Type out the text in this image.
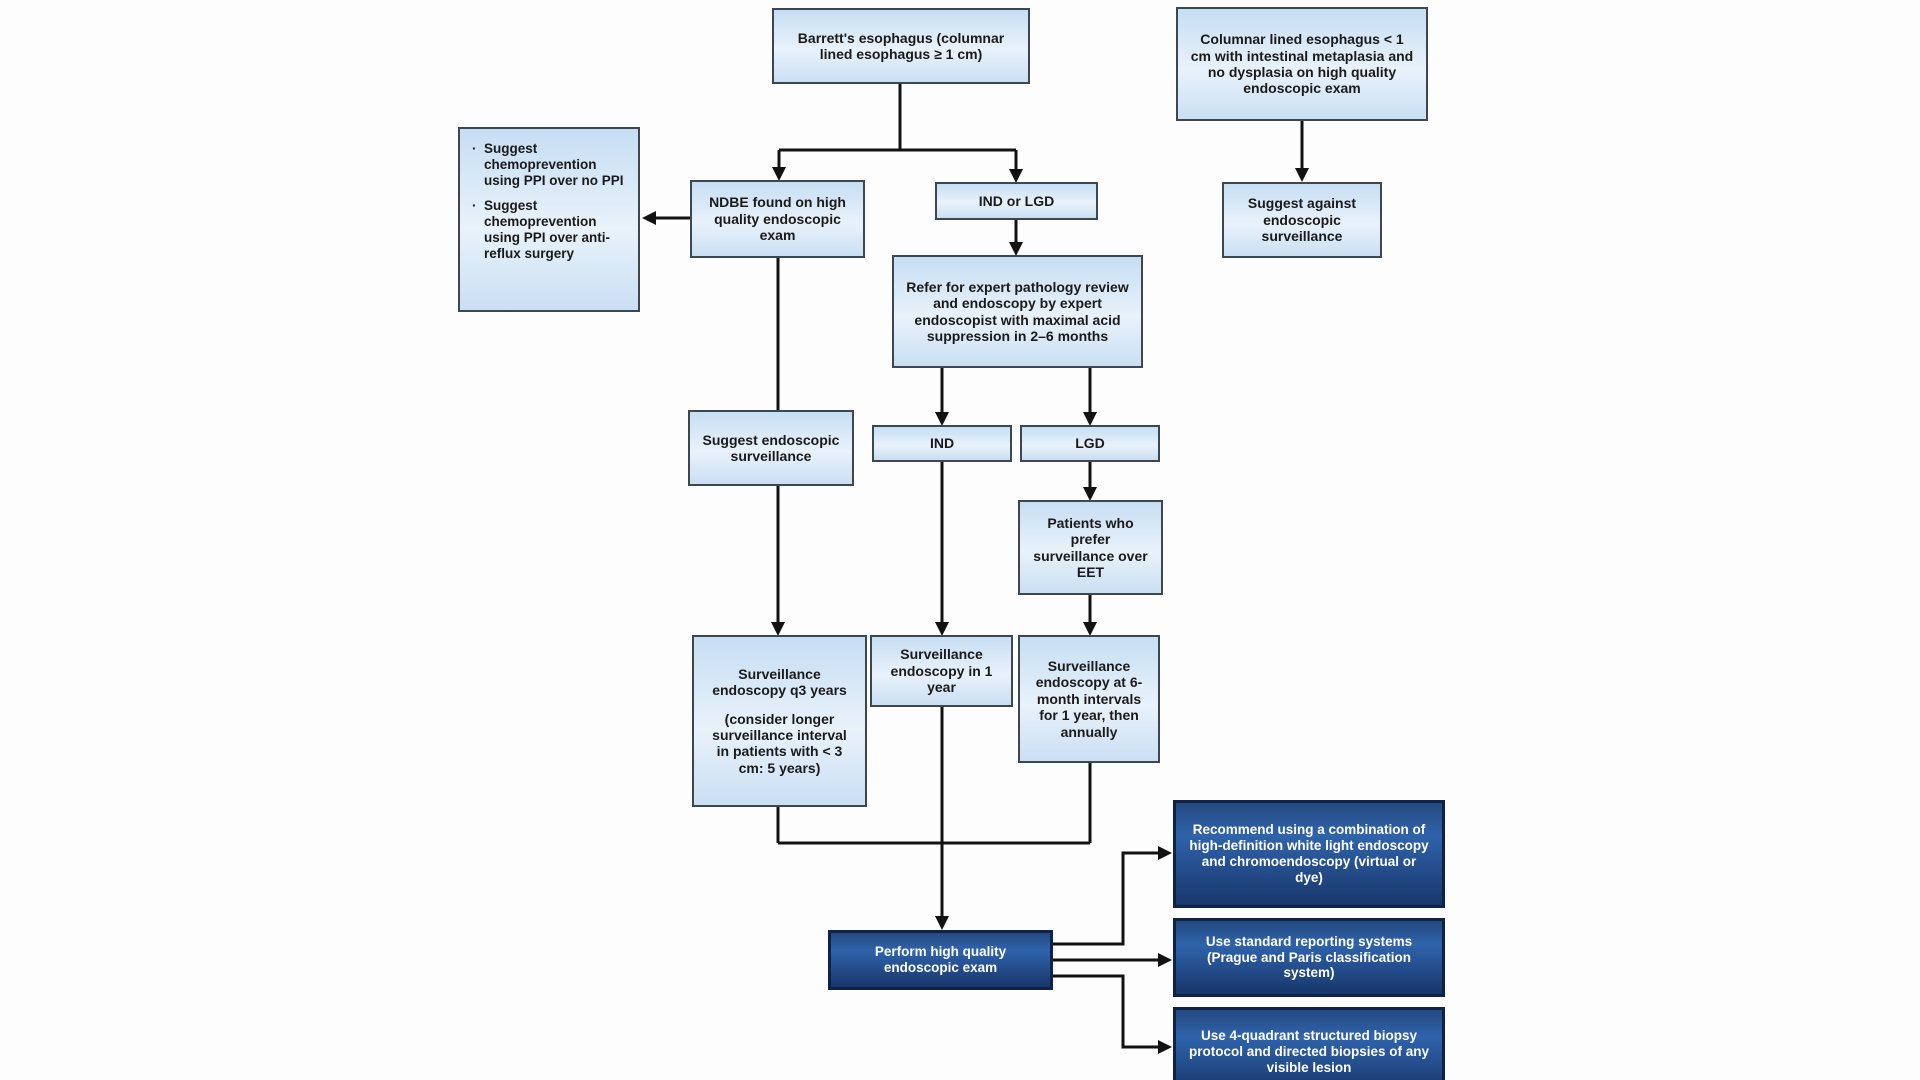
Barrett's esophagus (columnar lined esophagus ≥ 1 cm)
Columnar lined esophagus < 1 cm with intestinal metaplasia and no dysplasia on high quality endoscopic exam
Suggest against endoscopic surveillance
· Suggest chemoprevention using PPI over no PPI
· Suggest chemoprevention using PPI over anti-reflux surgery
NDBE found on high quality endoscopic exam
IND or LGD
Refer for expert pathology review and endoscopy by expert endoscopist with maximal acid suppression in 2–6 months
Suggest endoscopic surveillance
IND	LGD
Patients who prefer surveillance over EET
Surveillance endoscopy q3 years
(consider longer surveillance interval in patients with < 3 cm: 5 years)
Surveillance endoscopy in 1 year
Surveillance endoscopy at 6-month intervals for 1 year, then annually
Perform high quality endoscopic exam
Recommend using a combination of high-definition white light endoscopy and chromoendoscopy (virtual or dye)
Use standard reporting systems (Prague and Paris classification system)
Use 4-quadrant structured biopsy protocol and directed biopsies of any visible lesion
